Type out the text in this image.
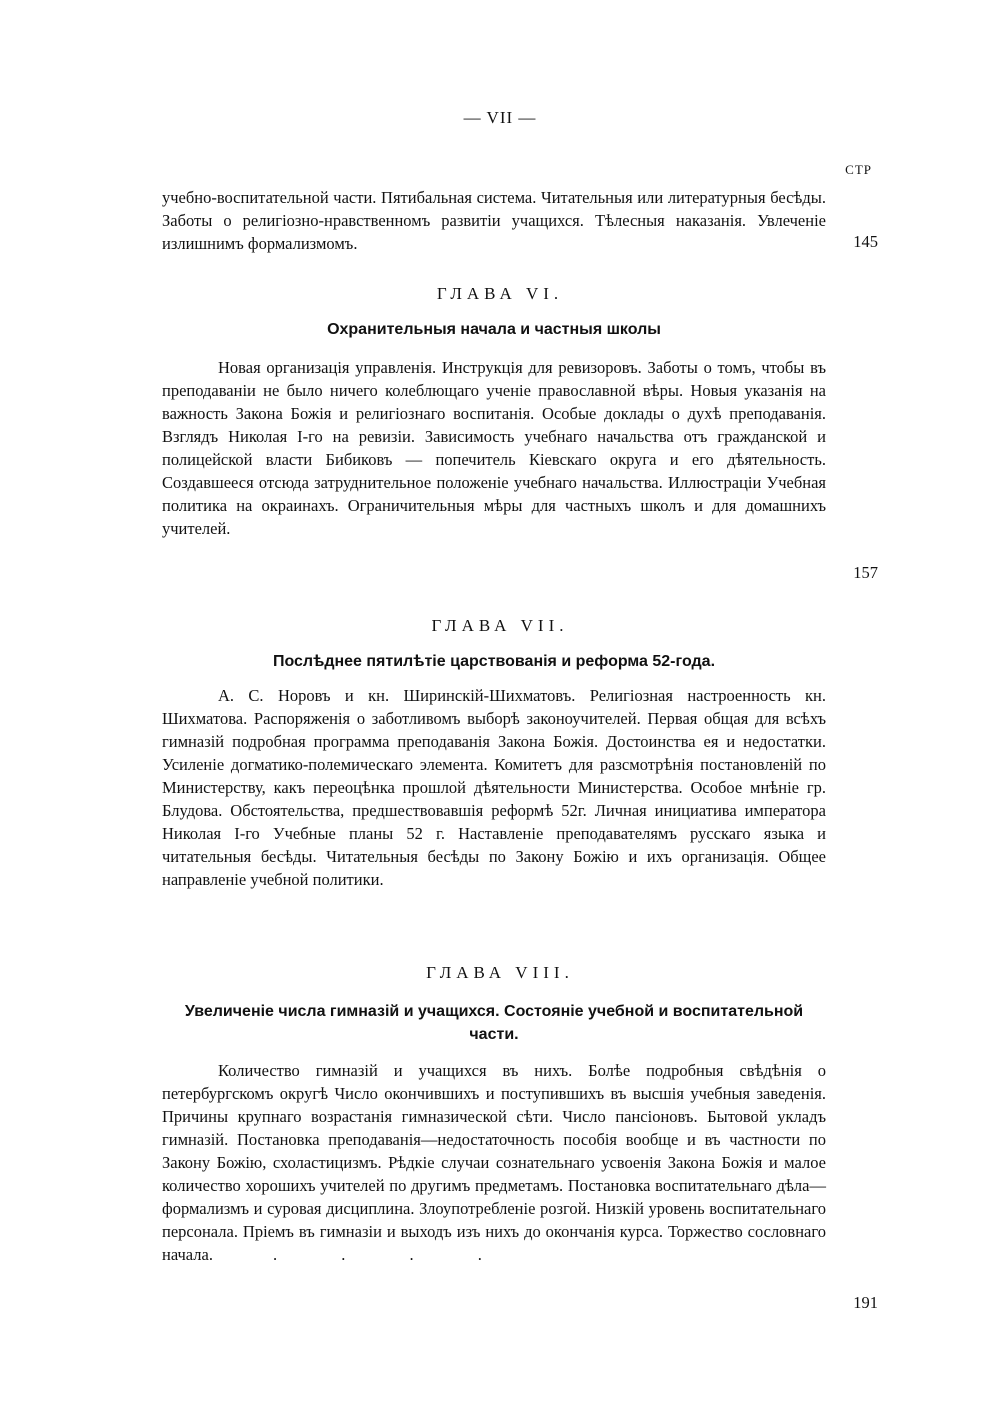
— VII —
СТР

учебно-воспитательной части. Пятибальная система. Читательныя или литературныя бесѣды. Заботы о религіозно-нравственномъ развитіи учащихся. Тѣлесныя наказанія. Увлеченіе излишнимъ формализмомъ.	145
ГЛАВА VI.
Охранительныя начала и частныя школы

Новая организація управленія. Инструкція для ревизоровъ. Заботы о томъ, чтобы въ преподаваніи не было ничего колеблющаго ученіе православной вѣры. Новыя указанія на важность Закона Божія и религіознаго воспитанія. Особые доклады о духѣ преподаванія. Взглядъ Николая І-го на ревизіи. Зависимость учебнаго начальства отъ гражданской и полицейской власти Бибиковъ — попечитель Кіевскаго округа и его дѣятельность. Создавшееся отсюда затруднительное положеніе учебнаго начальства. Иллюстраціи Учебная политика на окраинахъ. Ограничительныя мѣры для частныхъ школъ и для домашнихъ учителей.

157
ГЛАВА VII.
Послѣднее пятилѣтіе царствованія и реформа 52-года.

А. С. Норовъ и кн. Ширинскій-Шихматовъ. Религіозная настроенность кн. Шихматова. Распоряженія о заботливомъ выборѣ законоучителей. Первая общая для всѣхъ гимназій подробная программа преподаванія Закона Божія. Достоинства ея и недостатки. Усиленіе догматико-полемическаго элемента. Комитетъ для разсмотрѣнія постановленій по Министерству, какъ переоцѣнка прошлой дѣятельности Министерства. Особое мнѣніе гр. Блудова. Обстоятельства, предшествовавшія реформѣ 52г. Личная инициатива императора Николая І-го Учебные планы 52 г. Наставленіе преподавателямъ русскаго языка и читательныя бесѣды. Читательныя бесѣды по Закону Божію и ихъ организація. Общее направленіе учебной политики.

ГЛАВА VIII.
Увеличеніе числа гимназій и учащихся. Состояніе учебной и воспитательной части.

Количество гимназій и учащихся въ нихъ. Болѣе подробныя свѣдѣнія о петербургскомъ округѣ Число окончившихъ и поступившихъ въ высшія учебныя заведенія. Причины крупнаго возрастанія гимназической сѣти. Число пансіоновъ. Бытовой укладъ гимназій. Постановка преподаванія—недостаточность пособія вообще и въ частности по Закону Божію, схоластицизмъ. Рѣдкіе случаи сознательнаго усвоенія Закона Божія и малое количество хорошихъ учителей по другимъ предметамъ. Постановка воспитательнаго дѣла—формализмъ и суровая дисциплина. Злоупотребленіе розгой. Низкій уровень воспитательнаго персонала. Пріемъ въ гимназіи и выходъ изъ нихъ до окончанія курса. Торжество сословнаго начала.	. . . .

191
